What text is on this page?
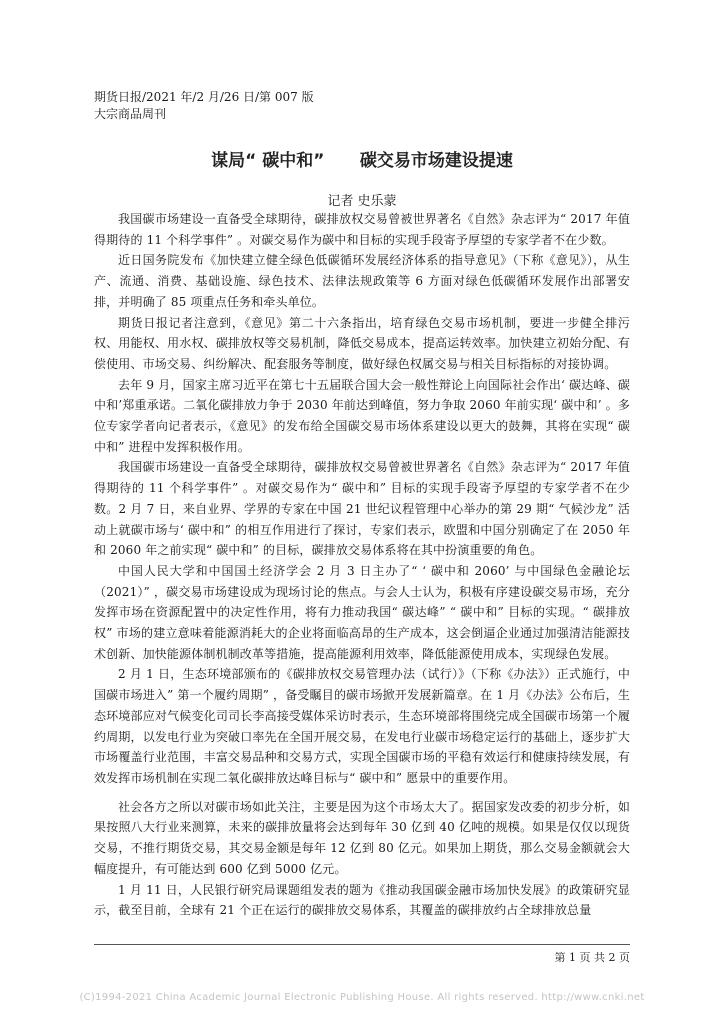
期货日报/2021 年/2 月/26 日/第 007 版
大宗商品周刊
谋局“ 碳中和”      碳交易市场建设提速
记者 史乐蒙

我国碳市场建设一直备受全球期待，碳排放权交易曾被世界著名《自然》杂志评为“ 2017 年值得期待的 11 个科学事件” 。对碳交易作为碳中和目标的实现手段寄予厚望的专家学者不在少数。

近日国务院发布《加快建立健全绿色低碳循环发展经济体系的指导意见》（下称《意见》），从生产、流通、消费、基础设施、绿色技术、法律法规政策等 6 方面对绿色低碳循环发展作出部署安排，并明确了 85 项重点任务和牵头单位。

期货日报记者注意到，《意见》第二十六条指出，培育绿色交易市场机制，要进一步健全排污权、用能权、用水权、碳排放权等交易机制，降低交易成本，提高运转效率。加快建立初始分配、有偿使用、市场交易、纠纷解决、配套服务等制度，做好绿色权属交易与相关目标指标的对接协调。

去年 9 月，国家主席习近平在第七十五届联合国大会一般性辩论上向国际社会作出‘ 碳达峰、碳中和’郑重承诺。二氧化碳排放力争于 2030 年前达到峰值，努力争取 2060 年前实现‘ 碳中和’ 。多位专家学者向记者表示，《意见》的发布给全国碳交易市场体系建设以更大的鼓舞，其将在实现“ 碳中和” 进程中发挥积极作用。

我国碳市场建设一直备受全球期待，碳排放权交易曾被世界著名《自然》杂志评为“ 2017 年值得期待的 11 个科学事件” 。对碳交易作为“ 碳中和” 目标的实现手段寄予厚望的专家学者不在少数。2 月 7 日，来自业界、学界的专家在中国 21 世纪议程管理中心举办的第 29 期“ 气候沙龙” 活动上就碳市场与‘ 碳中和” 的相互作用进行了探讨，专家们表示，欧盟和中国分别确定了在 2050 年和 2060 年之前实现“ 碳中和” 的目标，碳排放交易体系将在其中扮演重要的角色。

中国人民大学和中国国土经济学会 2 月 3 日主办了“ ‘ 碳中和 2060’ 与中国绿色金融论坛（2021）” ，碳交易市场建设成为现场讨论的焦点。与会人士认为，积极有序建设碳交易市场，充分发挥市场在资源配置中的决定性作用，将有力推动我国“ 碳达峰” “ 碳中和” 目标的实现。“ 碳排放权” 市场的建立意味着能源消耗大的企业将面临高昂的生产成本，这会倒逼企业通过加强清洁能源技术创新、加快能源体制机制改革等措施，提高能源利用效率，降低能源使用成本，实现绿色发展。

2 月 1 日，生态环境部颁布的《碳排放权交易管理办法（试行）》（下称《办法》）正式施行，中国碳市场进入” 第一个履约周期” ，备受瞩目的碳市场掀开发展新篇章。在 1 月《办法》公布后，生态环境部应对气候变化司司长李高接受媒体采访时表示，生态环境部将围绕完成全国碳市场第一个履约周期，以发电行业为突破口率先在全国开展交易，在发电行业碳市场稳定运行的基础上，逐步扩大市场覆盖行业范围，丰富交易品种和交易方式，实现全国碳市场的平稳有效运行和健康持续发展，有效发挥市场机制在实现二氧化碳排放达峰目标与“ 碳中和” 愿景中的重要作用。

社会各方之所以对碳市场如此关注，主要是因为这个市场太大了。据国家发改委的初步分析，如果按照八大行业来测算，未来的碳排放量将会达到每年 30 亿到 40 亿吨的规模。如果是仅仅以现货交易，不推行期货交易，其交易金额是每年 12 亿到 80 亿元。如果加上期货，那么交易金额就会大幅度提升，有可能达到 600 亿到 5000 亿元。

1 月 11 日，人民银行研究局课题组发表的题为《推动我国碳金融市场加快发展》的政策研究显示，截至目前，全球有 21 个正在运行的碳排放交易体系，其覆盖的碳排放约占全球排放总量

第 1 页 共 2 页
(C)1994-2021 China Academic Journal Electronic Publishing House. All rights reserved. http://www.cnki.net
